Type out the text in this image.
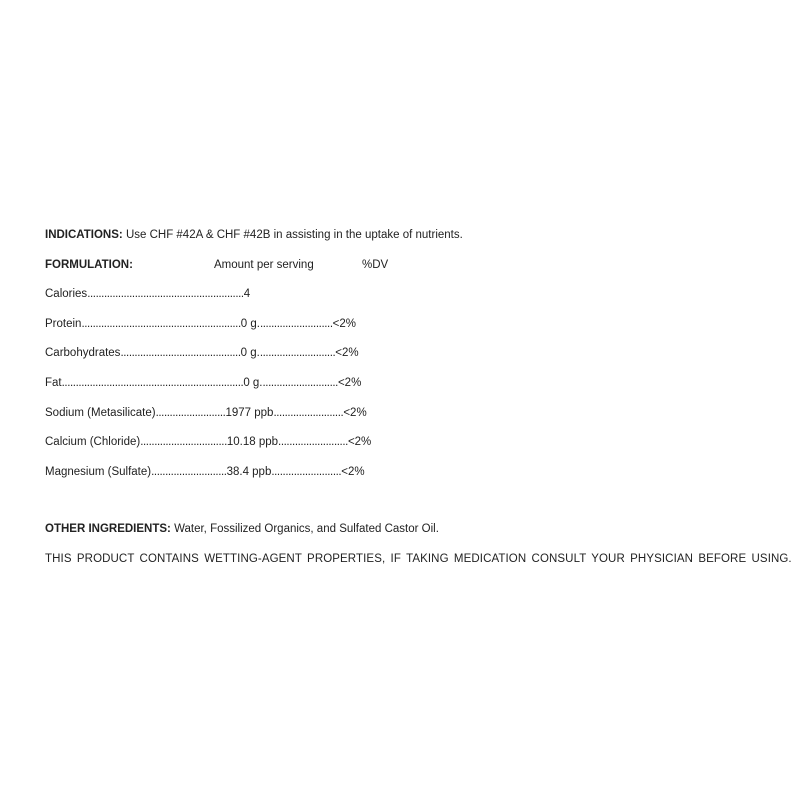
INDICATIONS: Use CHF #42A & CHF #42B in assisting in the uptake of nutrients.
FORMULATION:	Amount per serving	%DV
Calories ........................................................ 4
Protein ......................................................... 0 g. .......................... <2%
Carbohydrates ........................................... 0 g. ........................... <2%
Fat ................................................................. 0 g. ........................... <2%
Sodium (Metasilicate) ......................... 1977 ppb ......................... <2%
Calcium (Chloride) ............................... 10.18 ppb ......................... <2%
Magnesium (Sulfate) ........................... 38.4 ppb ......................... <2%
OTHER INGREDIENTS: Water, Fossilized Organics, and Sulfated Castor Oil.
THIS PRODUCT CONTAINS WETTING-AGENT PROPERTIES, IF TAKING MEDICATION CONSULT YOUR PHYSICIAN BEFORE USING.
